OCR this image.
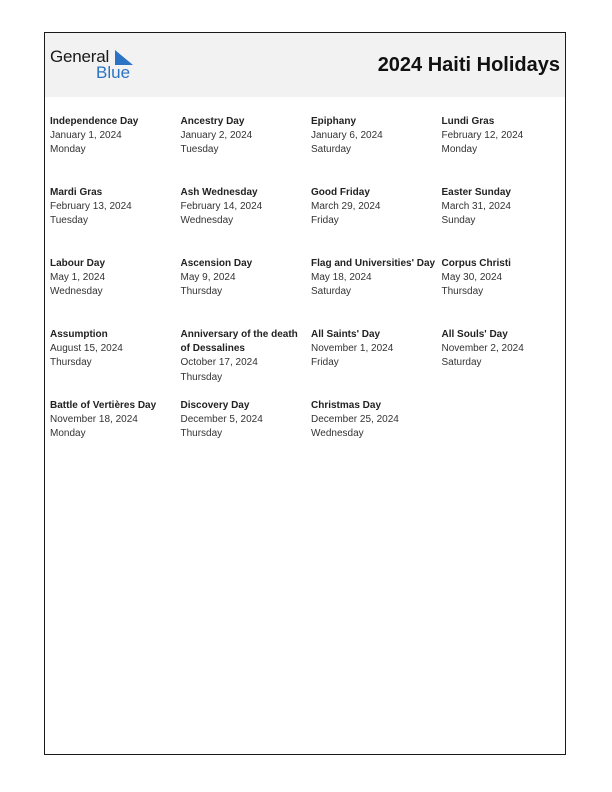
General
Blue	2024 Haiti Holidays
Independence Day
January 1, 2024
Monday
Ancestry Day
January 2, 2024
Tuesday
Epiphany
January 6, 2024
Saturday
Lundi Gras
February 12, 2024
Monday
Mardi Gras
February 13, 2024
Tuesday
Ash Wednesday
February 14, 2024
Wednesday
Good Friday
March 29, 2024
Friday
Easter Sunday
March 31, 2024
Sunday
Labour Day
May 1, 2024
Wednesday
Ascension Day
May 9, 2024
Thursday
Flag and Universities' Day
May 18, 2024
Saturday
Corpus Christi
May 30, 2024
Thursday
Assumption
August 15, 2024
Thursday
Anniversary of the death of Dessalines
October 17, 2024
Thursday
All Saints' Day
November 1, 2024
Friday
All Souls' Day
November 2, 2024
Saturday
Battle of Vertières Day
November 18, 2024
Monday
Discovery Day
December 5, 2024
Thursday
Christmas Day
December 25, 2024
Wednesday
